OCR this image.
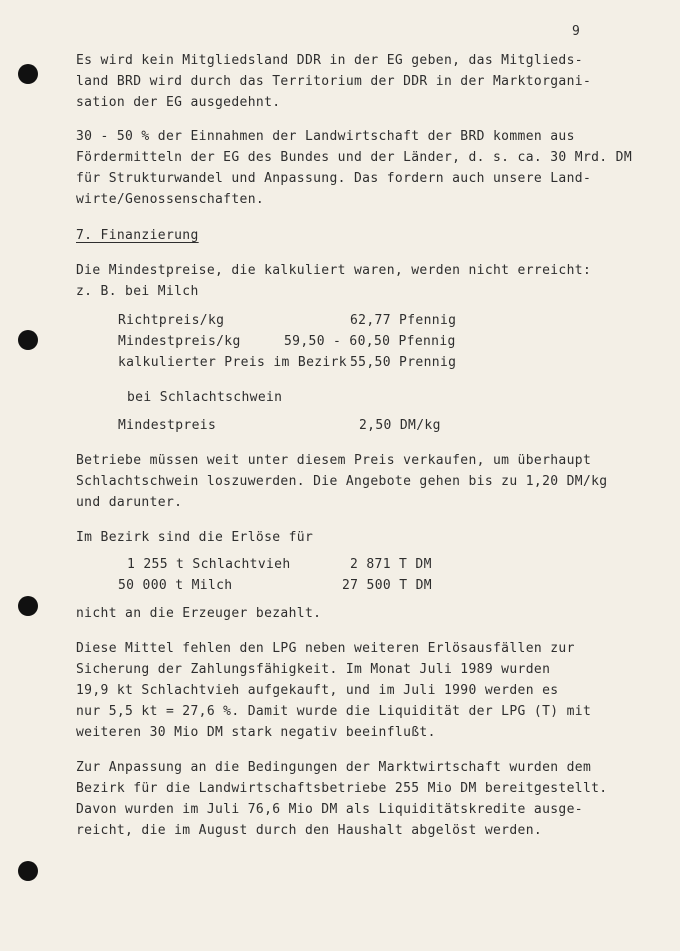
9
Es wird kein Mitgliedsland DDR in der EG geben, das Mitglieds-
land BRD wird durch das Territorium der DDR in der Marktorgani-
sation der EG ausgedehnt.
30 - 50 % der Einnahmen der Landwirtschaft der BRD kommen aus
Fördermitteln der EG des Bundes und der Länder, d. s. ca. 30 Mrd. DM
für Strukturwandel und Anpassung. Das fordern auch unsere Land-
wirte/Genossenschaften.
7. Finanzierung
Die Mindestpreise, die kalkuliert waren, werden nicht erreicht:
z. B. bei Milch
Richtpreis/kg	62,77 Pfennig
Mindestpreis/kg	59,50 - 60,50 Pfennig
kalkulierter Preis im Bezirk 55,50 Prennig
bei Schlachtschwein
Mindestpreis	2,50 DM/kg
Betriebe müssen weit unter diesem Preis verkaufen, um überhaupt
Schlachtschwein loszuwerden. Die Angebote gehen bis zu 1,20 DM/kg
und darunter.
Im Bezirk sind die Erlöse für
1 255 t Schlachtvieh	2 871 T DM
50 000 t Milch	27 500 T DM
nicht an die Erzeuger bezahlt.
Diese Mittel fehlen den LPG neben weiteren Erlösausfällen zur
Sicherung der Zahlungsfähigkeit. Im Monat Juli 1989 wurden
19,9 kt Schlachtvieh aufgekauft, und im Juli 1990 werden es
nur 5,5 kt = 27,6 %. Damit wurde die Liquidität der LPG (T) mit
weiteren 30 Mio DM stark negativ beeinflußt.
Zur Anpassung an die Bedingungen der Marktwirtschaft wurden dem
Bezirk für die Landwirtschaftsbetriebe 255 Mio DM bereitgestellt.
Davon wurden im Juli 76,6 Mio DM als Liquiditätskredite ausge-
reicht, die im August durch den Haushalt abgelöst werden.
